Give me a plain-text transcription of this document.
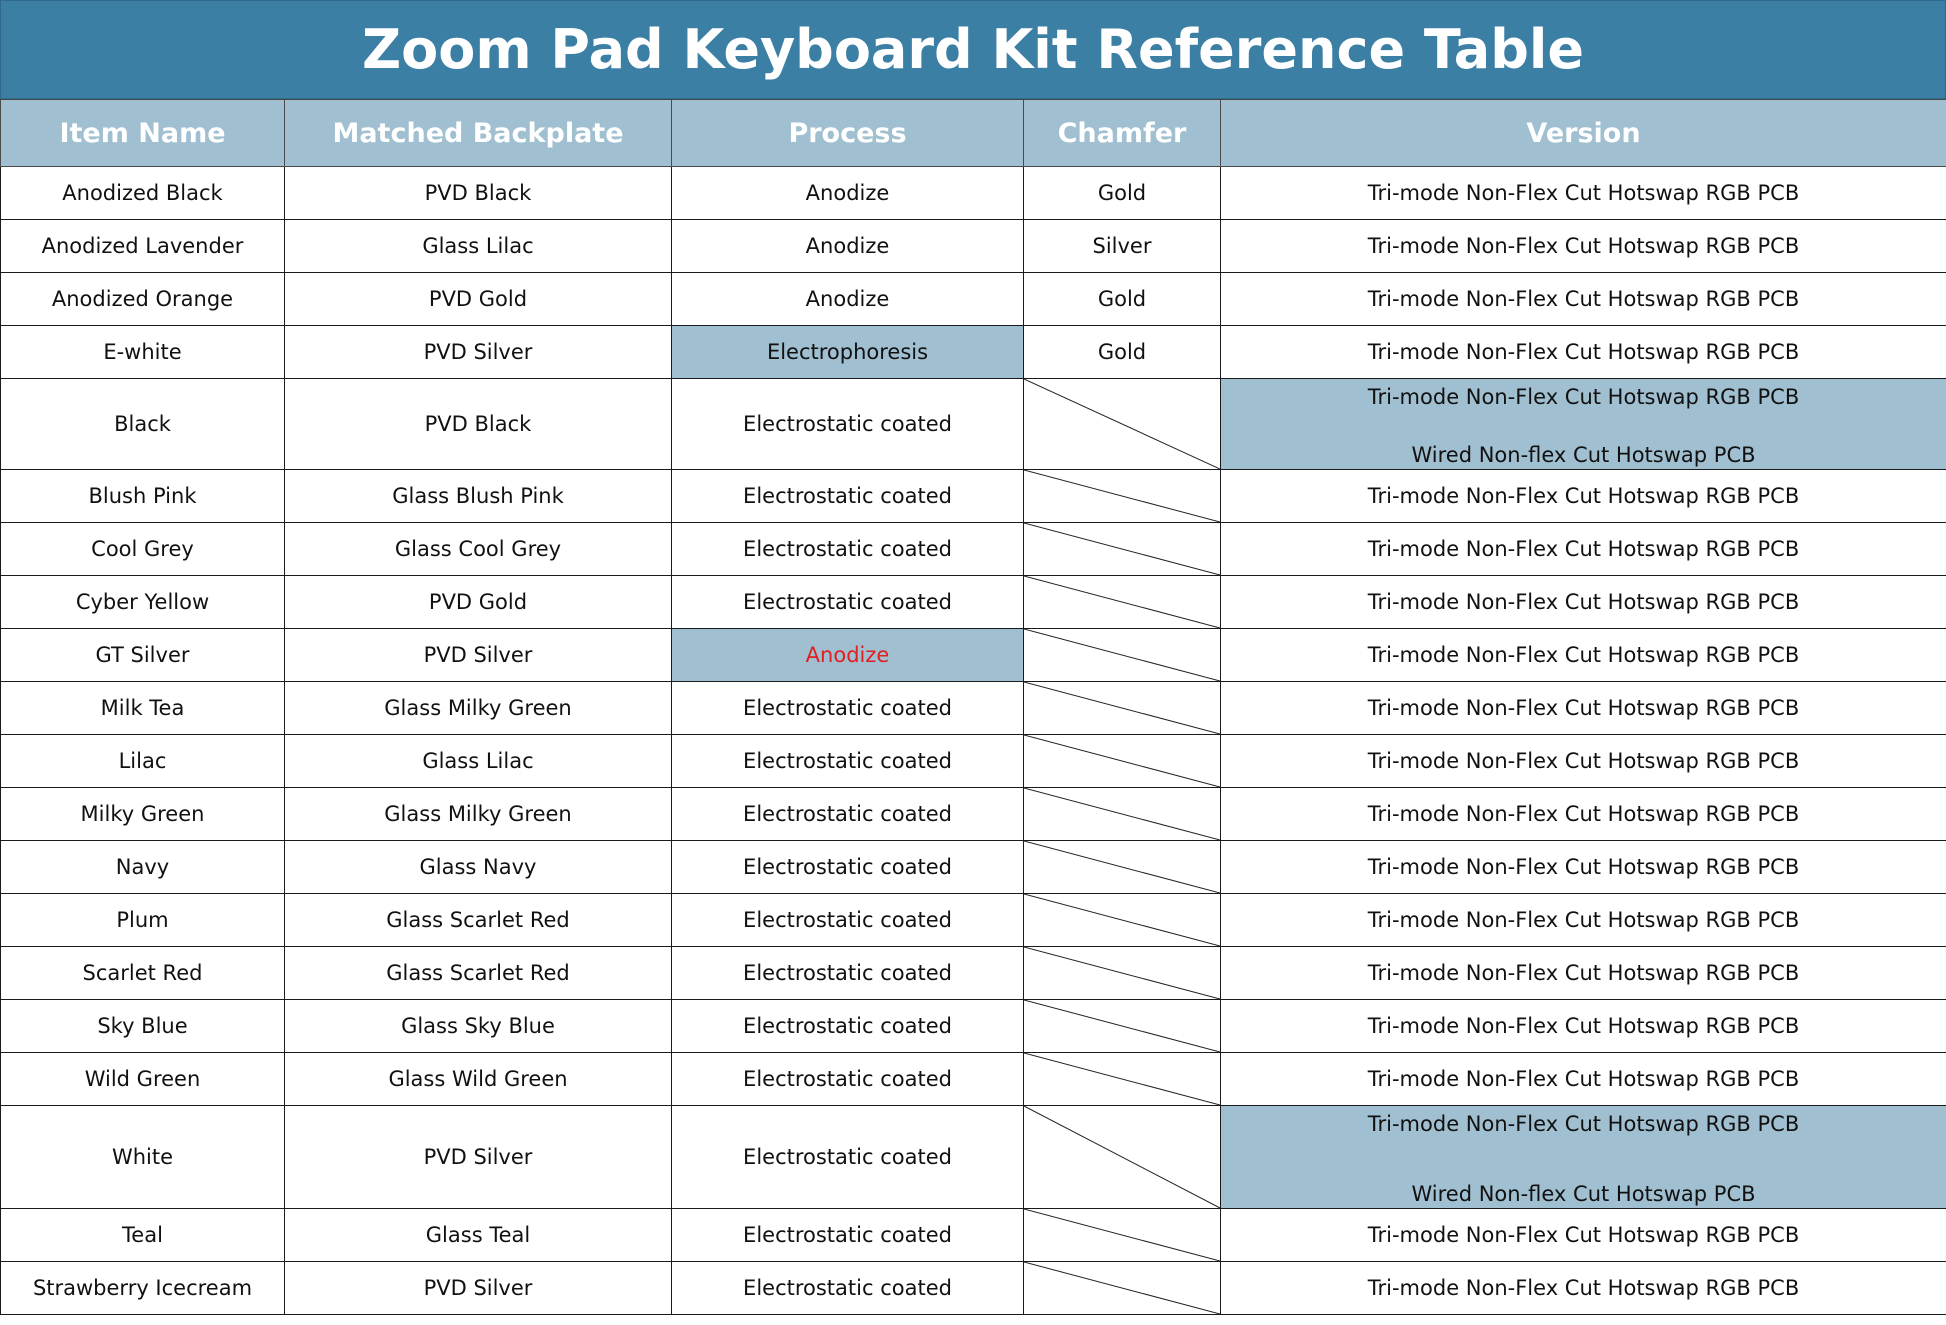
Zoom Pad Keyboard Kit Reference Table
Item Name	Matched Backplate	Process	Chamfer	Version
Anodized Black	PVD Black	Anodize	Gold	Tri-mode Non-Flex Cut Hotswap RGB PCB
Anodized Lavender	Glass Lilac	Anodize	Silver	Tri-mode Non-Flex Cut Hotswap RGB PCB
Anodized Orange	PVD Gold	Anodize	Gold	Tri-mode Non-Flex Cut Hotswap RGB PCB
E-white	PVD Silver	Electrophoresis	Gold	Tri-mode Non-Flex Cut Hotswap RGB PCB
Black	PVD Black	Electrostatic coated		Tri-mode Non-Flex Cut Hotswap RGB PCB
Wired Non-flex Cut Hotswap PCB

Blush Pink	Glass Blush Pink	Electrostatic coated		Tri-mode Non-Flex Cut Hotswap RGB PCB
Cool Grey	Glass Cool Grey	Electrostatic coated		Tri-mode Non-Flex Cut Hotswap RGB PCB
Cyber Yellow	PVD Gold	Electrostatic coated		Tri-mode Non-Flex Cut Hotswap RGB PCB
GT Silver	PVD Silver	Anodize		Tri-mode Non-Flex Cut Hotswap RGB PCB
Milk Tea	Glass Milky Green	Electrostatic coated		Tri-mode Non-Flex Cut Hotswap RGB PCB
Lilac	Glass Lilac	Electrostatic coated		Tri-mode Non-Flex Cut Hotswap RGB PCB
Milky Green	Glass Milky Green	Electrostatic coated		Tri-mode Non-Flex Cut Hotswap RGB PCB
Navy	Glass Navy	Electrostatic coated		Tri-mode Non-Flex Cut Hotswap RGB PCB
Plum	Glass Scarlet Red	Electrostatic coated		Tri-mode Non-Flex Cut Hotswap RGB PCB
Scarlet Red	Glass Scarlet Red	Electrostatic coated		Tri-mode Non-Flex Cut Hotswap RGB PCB
Sky Blue	Glass Sky Blue	Electrostatic coated		Tri-mode Non-Flex Cut Hotswap RGB PCB
Wild Green	Glass Wild Green	Electrostatic coated		Tri-mode Non-Flex Cut Hotswap RGB PCB
White	PVD Silver	Electrostatic coated		Tri-mode Non-Flex Cut Hotswap RGB PCB
Wired Non-flex Cut Hotswap PCB

Teal	Glass Teal	Electrostatic coated		Tri-mode Non-Flex Cut Hotswap RGB PCB
Strawberry Icecream	PVD Silver	Electrostatic coated		Tri-mode Non-Flex Cut Hotswap RGB PCB
